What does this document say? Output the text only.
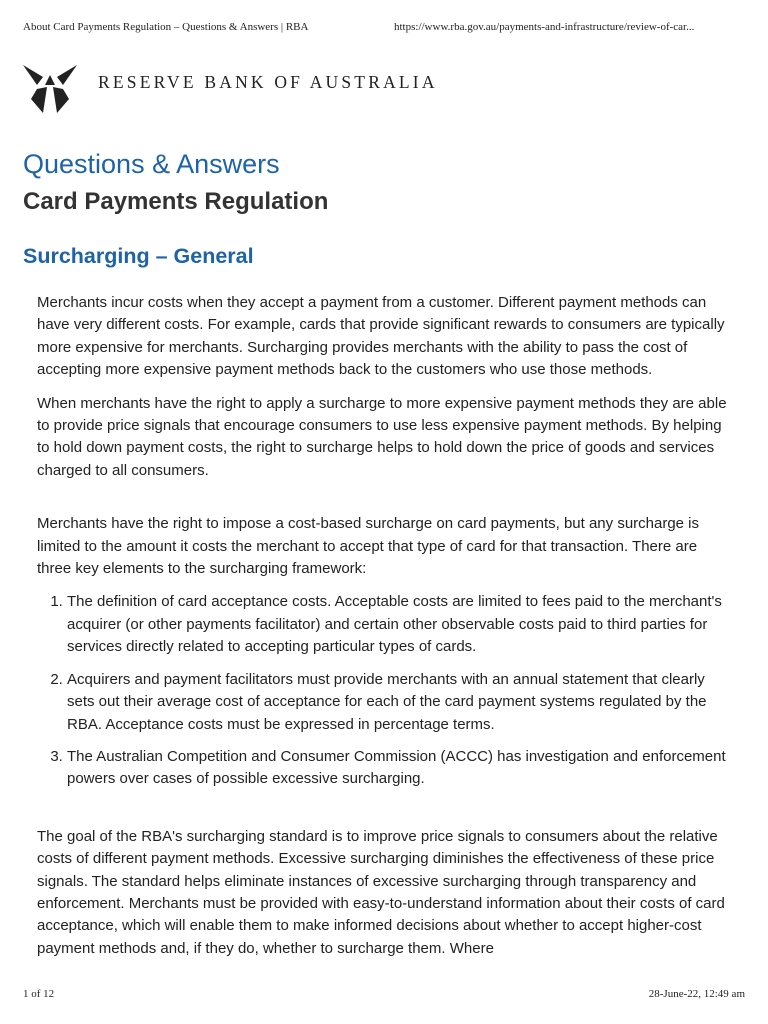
About Card Payments Regulation – Questions & Answers | RBA	https://www.rba.gov.au/payments-and-infrastructure/review-of-car...
RESERVE BANK OF AUSTRALIA
Questions & Answers
Card Payments Regulation
Surcharging – General

Merchants incur costs when they accept a payment from a customer. Different payment methods can have very different costs. For example, cards that provide significant rewards to consumers are typically more expensive for merchants. Surcharging provides merchants with the ability to pass the cost of accepting more expensive payment methods back to the customers who use those methods.

When merchants have the right to apply a surcharge to more expensive payment methods they are able to provide price signals that encourage consumers to use less expensive payment methods. By helping to hold down payment costs, the right to surcharge helps to hold down the price of goods and services charged to all consumers.

Merchants have the right to impose a cost-based surcharge on card payments, but any surcharge is limited to the amount it costs the merchant to accept that type of card for that transaction. There are three key elements to the surcharging framework:

1. The definition of card acceptance costs. Acceptable costs are limited to fees paid to the merchant's acquirer (or other payments facilitator) and certain other observable costs paid to third parties for services directly related to accepting particular types of cards.
2. Acquirers and payment facilitators must provide merchants with an annual statement that clearly sets out their average cost of acceptance for each of the card payment systems regulated by the RBA. Acceptance costs must be expressed in percentage terms.
3. The Australian Competition and Consumer Commission (ACCC) has investigation and enforcement powers over cases of possible excessive surcharging.

The goal of the RBA's surcharging standard is to improve price signals to consumers about the relative costs of different payment methods. Excessive surcharging diminishes the effectiveness of these price signals. The standard helps eliminate instances of excessive surcharging through transparency and enforcement. Merchants must be provided with easy-to-understand information about their costs of card acceptance, which will enable them to make informed decisions about whether to accept higher-cost payment methods and, if they do, whether to surcharge them. Where

1 of 12	28-June-22, 12:49 am
